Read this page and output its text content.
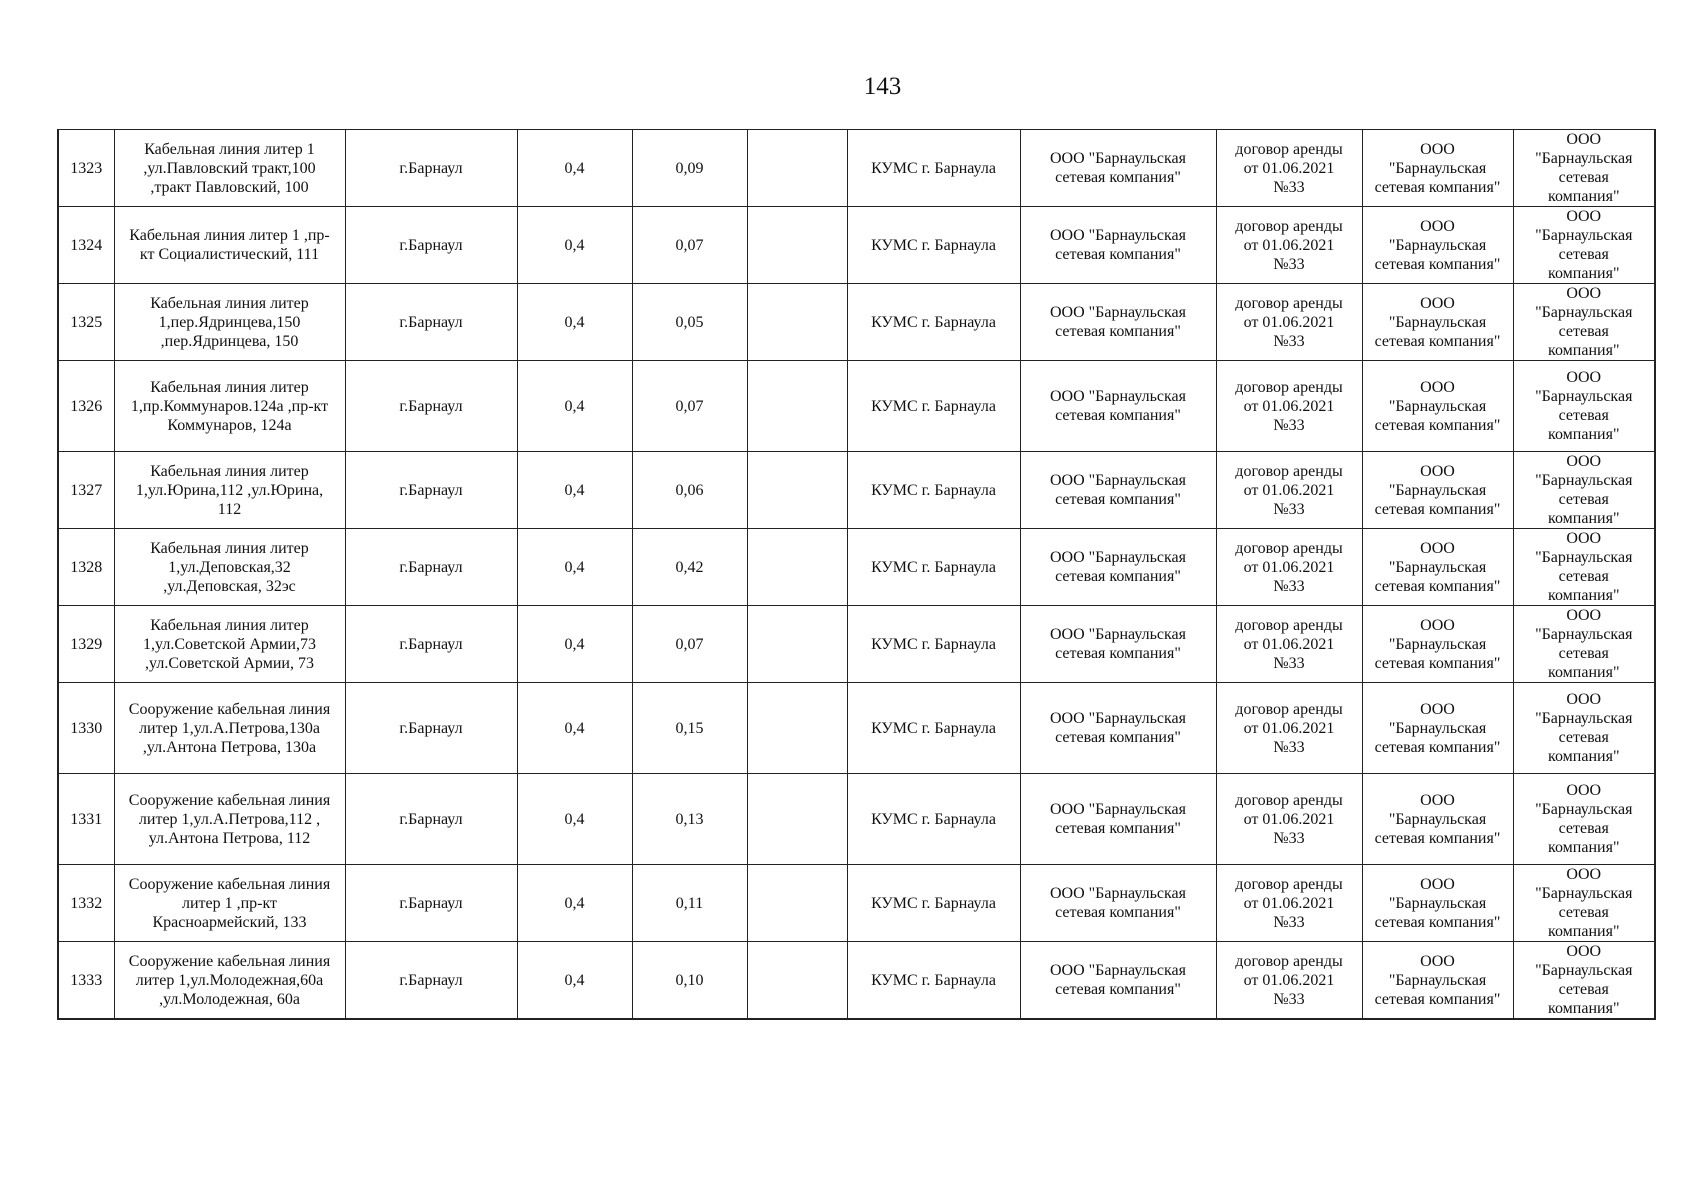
143
1323	Кабельная линия литер 1
,ул.Павловский тракт,100
,тракт Павловский, 100	г.Барнаул	0,4	0,09		КУМС г. Барнаула	ООО "Барнаульская
сетевая компания"	договор аренды
от 01.06.2021
№33	ООО
"Барнаульская
сетевая компания"	ООО
"Барнаульская
сетевая
компания"

1324	Кабельная линия литер 1 ,пр-
кт Социалистический, 111	г.Барнаул	0,4	0,07		КУМС г. Барнаула	ООО "Барнаульская
сетевая компания"	договор аренды
от 01.06.2021
№33	ООО
"Барнаульская
сетевая компания"	ООО
"Барнаульская
сетевая
компания"

1325	Кабельная линия литер
1,пер.Ядринцева,150
,пер.Ядринцева, 150	г.Барнаул	0,4	0,05		КУМС г. Барнаула	ООО "Барнаульская
сетевая компания"	договор аренды
от 01.06.2021
№33	ООО
"Барнаульская
сетевая компания"	ООО
"Барнаульская
сетевая
компания"

1326	Кабельная линия литер
1,пр.Коммунаров.124а ,пр-кт
Коммунаров, 124а	г.Барнаул	0,4	0,07		КУМС г. Барнаула	ООО "Барнаульская
сетевая компания"	договор аренды
от 01.06.2021
№33	ООО
"Барнаульская
сетевая компания"	ООО
"Барнаульская
сетевая
компания"

1327	Кабельная линия литер
1,ул.Юрина,112 ,ул.Юрина,
112	г.Барнаул	0,4	0,06		КУМС г. Барнаула	ООО "Барнаульская
сетевая компания"	договор аренды
от 01.06.2021
№33	ООО
"Барнаульская
сетевая компания"	ООО
"Барнаульская
сетевая
компания"

1328	Кабельная линия литер
1,ул.Деповская,32
,ул.Деповская, 32эс	г.Барнаул	0,4	0,42		КУМС г. Барнаула	ООО "Барнаульская
сетевая компания"	договор аренды
от 01.06.2021
№33	ООО
"Барнаульская
сетевая компания"	ООО
"Барнаульская
сетевая
компания"

1329	Кабельная линия литер
1,ул.Советской Армии,73
,ул.Советской Армии, 73	г.Барнаул	0,4	0,07		КУМС г. Барнаула	ООО "Барнаульская
сетевая компания"	договор аренды
от 01.06.2021
№33	ООО
"Барнаульская
сетевая компания"	ООО
"Барнаульская
сетевая
компания"

1330	Сооружение кабельная линия
литер 1,ул.А.Петрова,130а
,ул.Антона Петрова, 130а	г.Барнаул	0,4	0,15		КУМС г. Барнаула	ООО "Барнаульская
сетевая компания"	договор аренды
от 01.06.2021
№33	ООО
"Барнаульская
сетевая компания"	ООО
"Барнаульская
сетевая
компания"

1331	Сооружение кабельная линия
литер 1,ул.А.Петрова,112 ,
ул.Антона Петрова, 112	г.Барнаул	0,4	0,13		КУМС г. Барнаула	ООО "Барнаульская
сетевая компания"	договор аренды
от 01.06.2021
№33	ООО
"Барнаульская
сетевая компания"	ООО
"Барнаульская
сетевая
компания"

1332	Сооружение кабельная линия
литер 1 ,пр-кт
Красноармейский, 133	г.Барнаул	0,4	0,11		КУМС г. Барнаула	ООО "Барнаульская
сетевая компания"	договор аренды
от 01.06.2021
№33	ООО
"Барнаульская
сетевая компания"	ООО
"Барнаульская
сетевая
компания"

1333	Сооружение кабельная линия
литер 1,ул.Молодежная,60а
,ул.Молодежная, 60а	г.Барнаул	0,4	0,10		КУМС г. Барнаула	ООО "Барнаульская
сетевая компания"	договор аренды
от 01.06.2021
№33	ООО
"Барнаульская
сетевая компания"	ООО
"Барнаульская
сетевая
компания"
